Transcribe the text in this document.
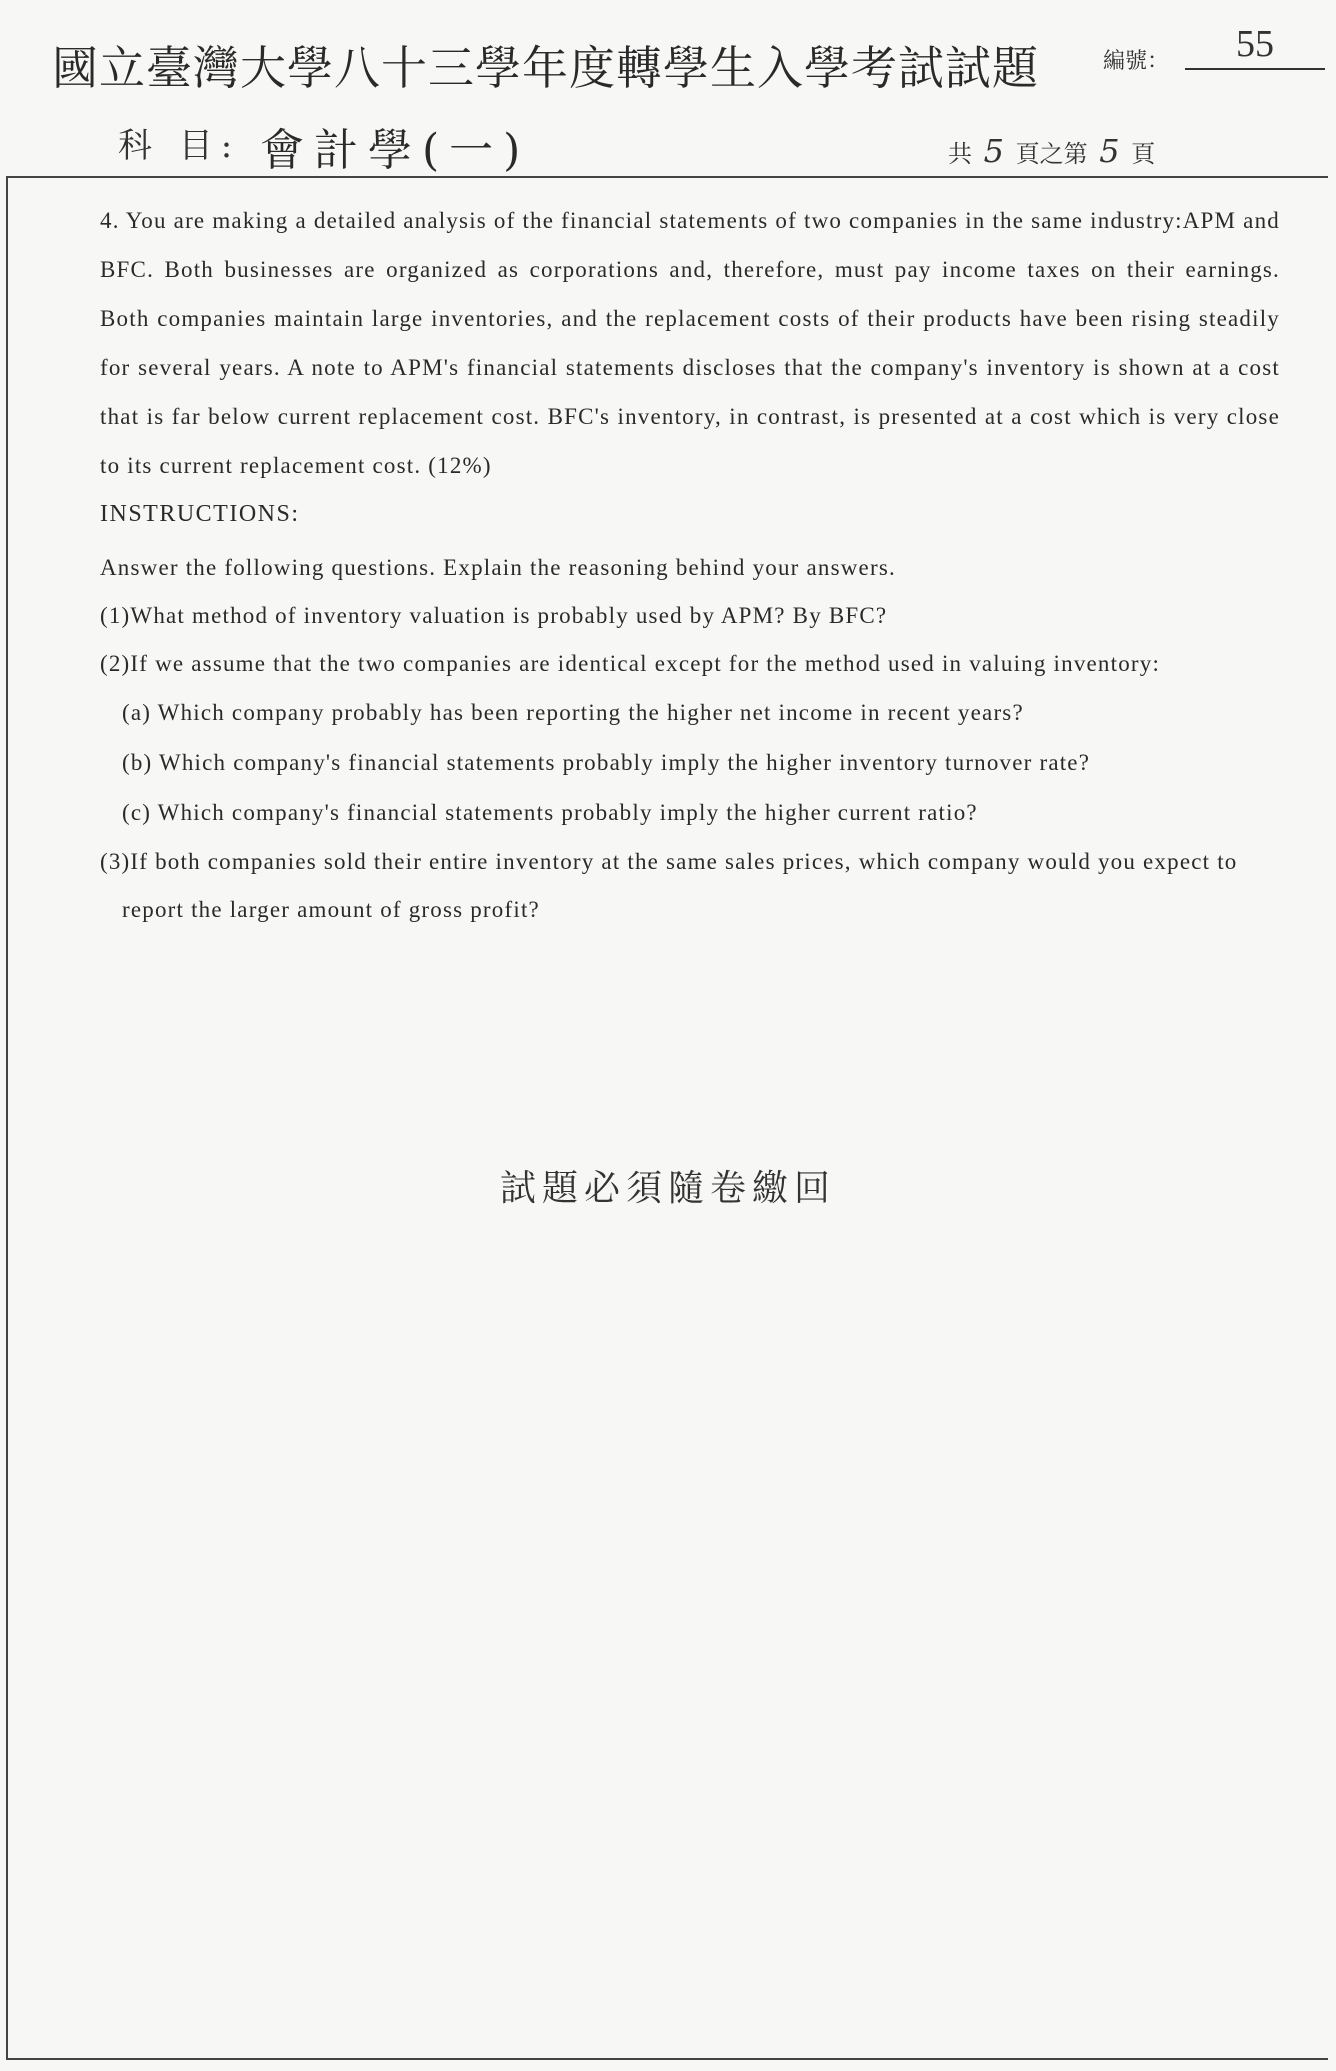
國立臺灣大學八十三學年度轉學生入學考試試題	編號：	55
科 目: 會計學(一)	共 5 頁之第 5 頁

4. You are making a detailed analysis of the financial statements of two companies in the same industry:APM and BFC. Both businesses are organized as corporations and, therefore, must pay income taxes on their earnings. Both companies maintain large inventories, and the replacement costs of their products have been rising steadily for several years. A note to APM's financial statements discloses that the company's inventory is shown at a cost that is far below current replacement cost. BFC's inventory, in contrast, is presented at a cost which is very close to its current replacement cost. (12%)

INSTRUCTIONS:

Answer the following questions. Explain the reasoning behind your answers.

(1)What method of inventory valuation is probably used by APM? By BFC?

(2)If we assume that the two companies are identical except for the method used in valuing inventory:

(a) Which company probably has been reporting the higher net income in recent years?

(b) Which company's financial statements probably imply the higher inventory turnover rate?

(c) Which company's financial statements probably imply the higher current ratio?

(3)If both companies sold their entire inventory at the same sales prices, which company would you expect to report the larger amount of gross profit?

試題必須隨卷繳回
